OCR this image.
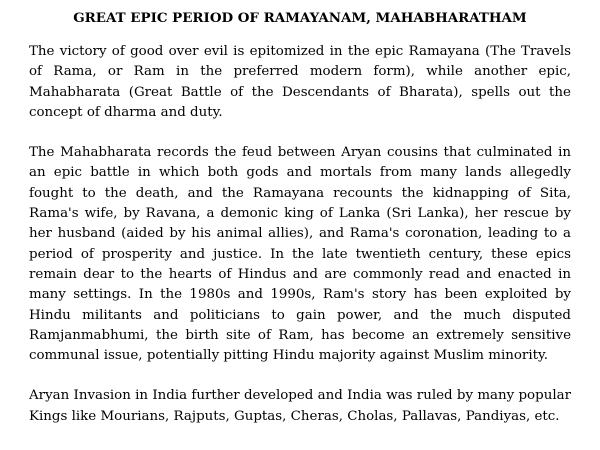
GREAT EPIC PERIOD OF RAMAYANAM, MAHABHARATHAM

The victory of good over evil is epitomized in the epic Ramayana (The Travels of Rama, or Ram in the preferred modern form), while another epic, Mahabharata (Great Battle of the Descendants of Bharata), spells out the concept of dharma and duty.

The Mahabharata records the feud between Aryan cousins that culminated in an epic battle in which both gods and mortals from many lands allegedly fought to the death, and the Ramayana recounts the kidnapping of Sita, Rama's wife, by Ravana, a demonic king of Lanka (Sri Lanka), her rescue by her husband (aided by his animal allies), and Rama's coronation, leading to a period of prosperity and justice. In the late twentieth century, these epics remain dear to the hearts of Hindus and are commonly read and enacted in many settings. In the 1980s and 1990s, Ram's story has been exploited by Hindu militants and politicians to gain power, and the much disputed Ramjanmabhumi, the birth site of Ram, has become an extremely sensitive communal issue, potentially pitting Hindu majority against Muslim minority.

Aryan Invasion in India further developed and India was ruled by many popular Kings like Mourians, Rajputs, Guptas, Cheras, Cholas, Pallavas, Pandiyas, etc.
